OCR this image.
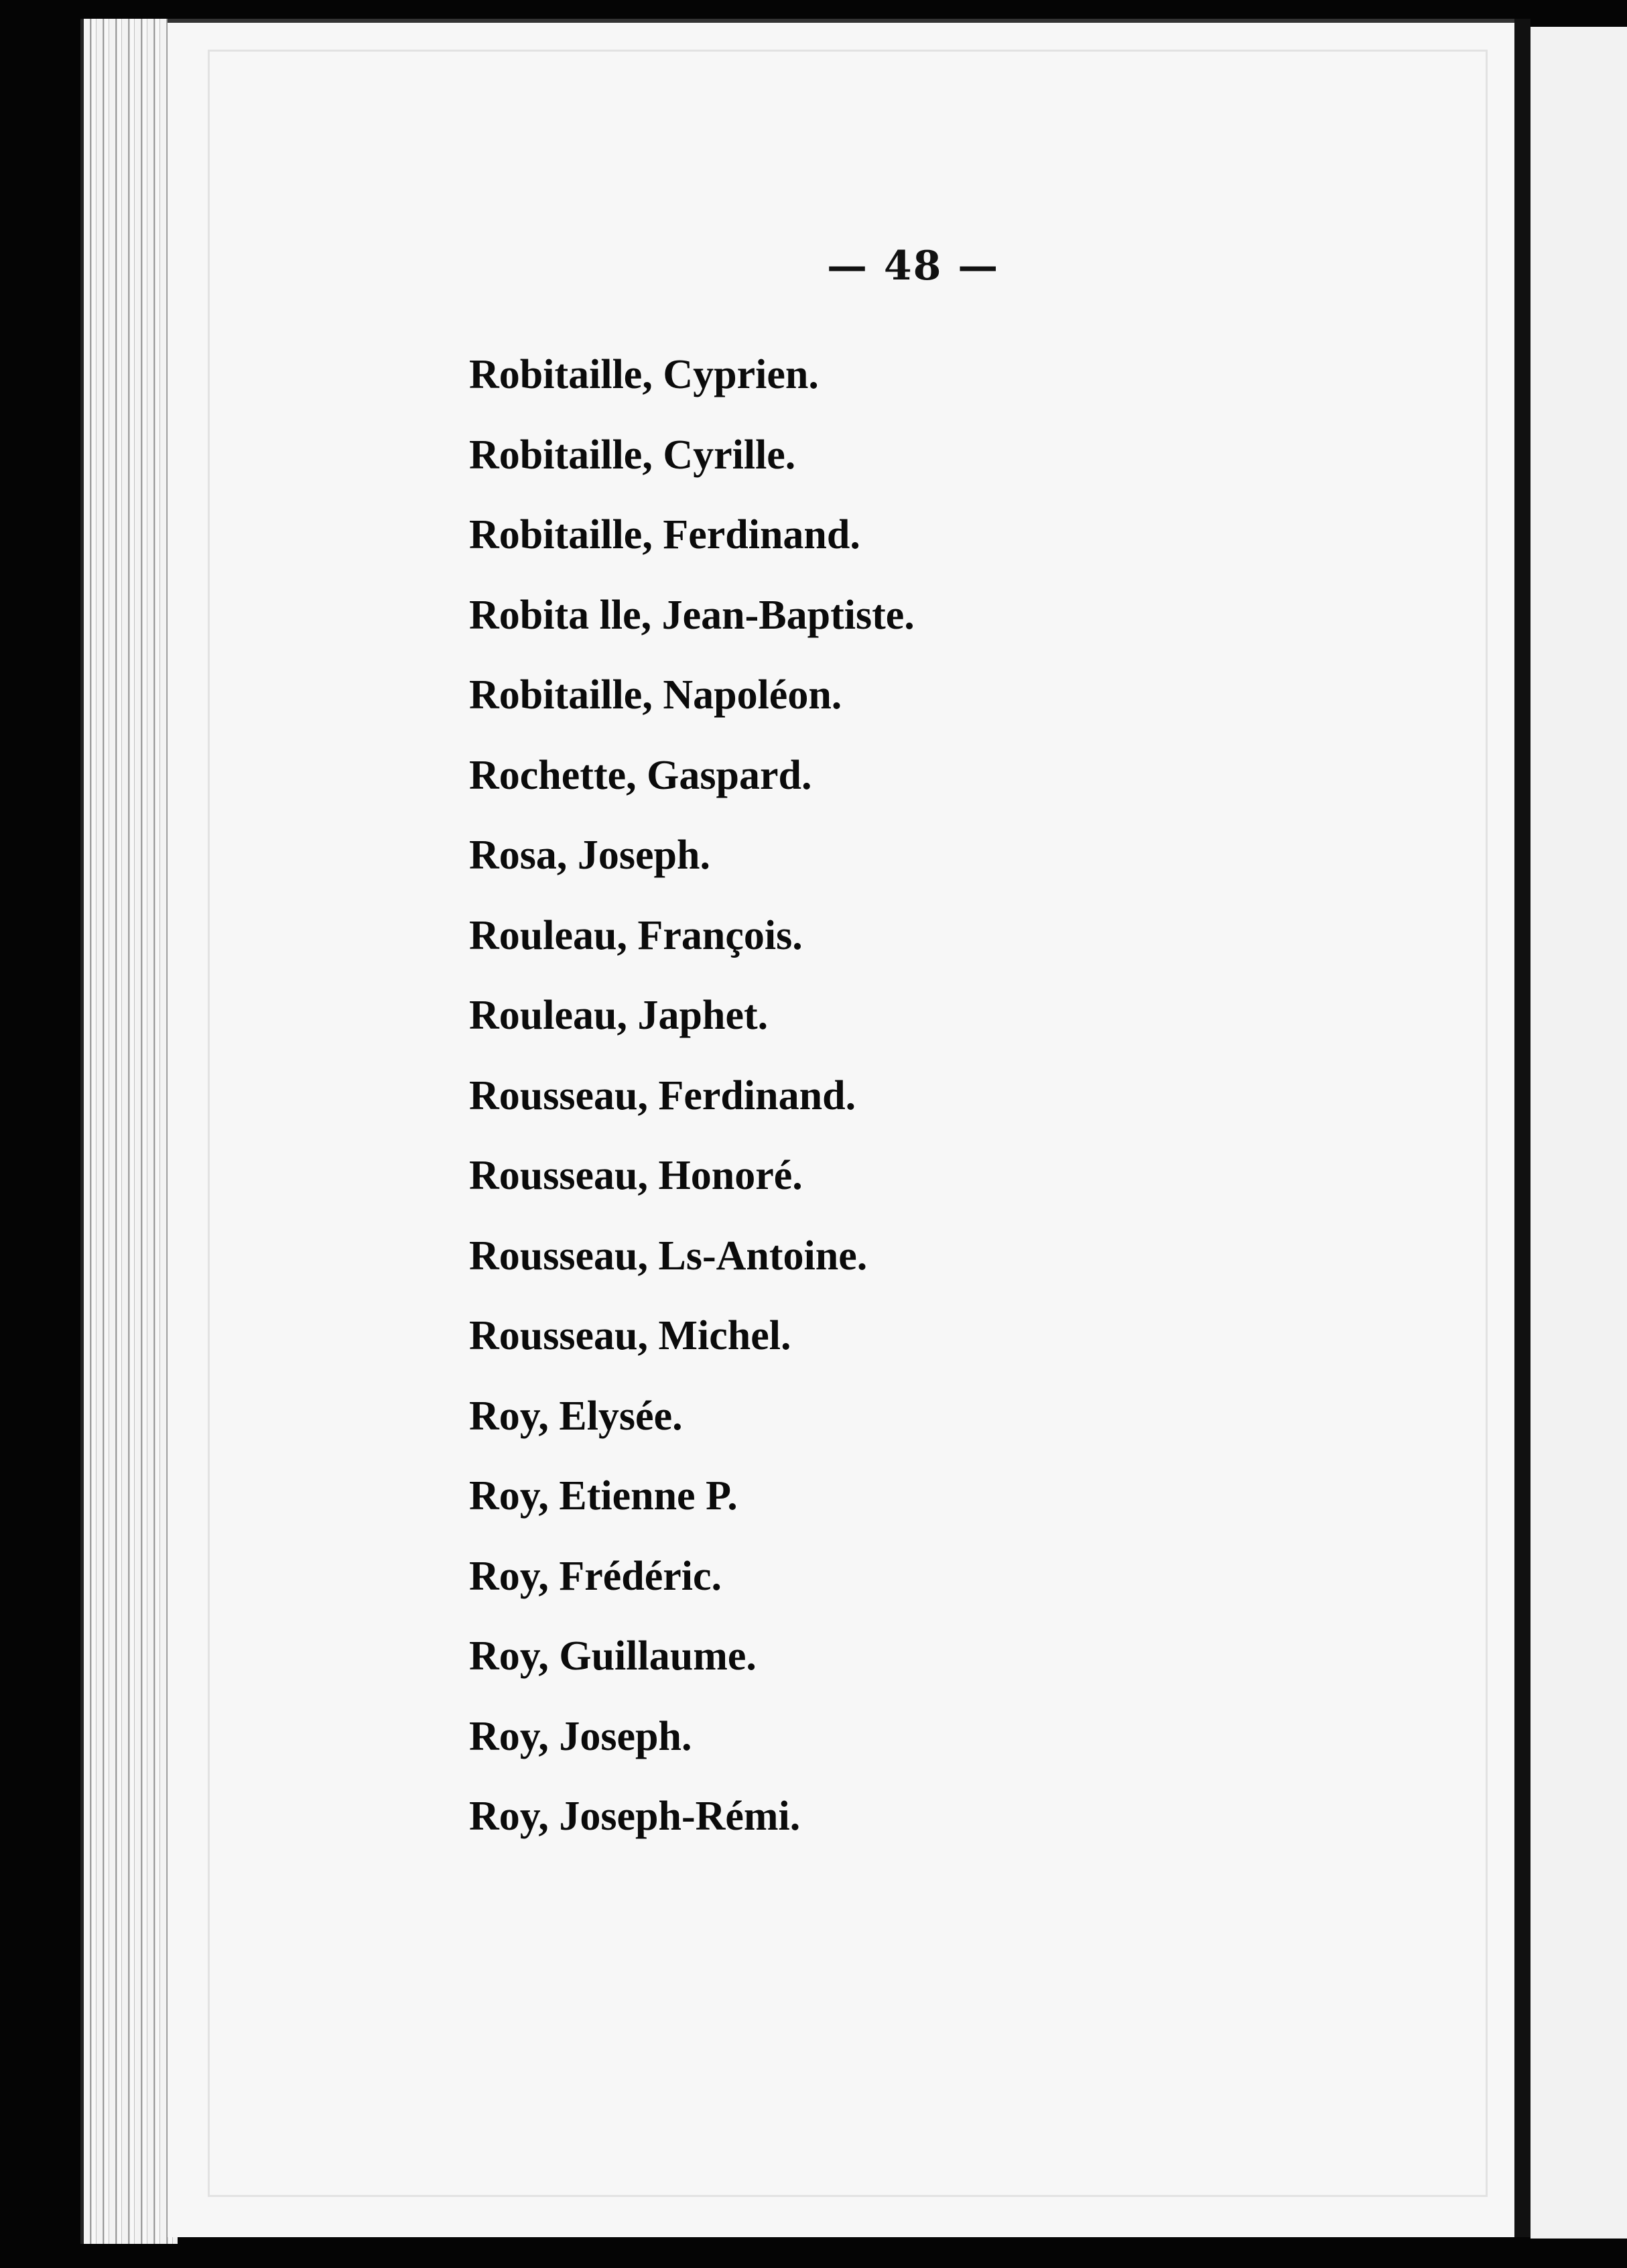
— 48 —
Robitaille, Cyprien.
Robitaille, Cyrille.
Robitaille, Ferdinand.
Robita lle, Jean-Baptiste.
Robitaille, Napoléon.
Rochette, Gaspard.
Rosa, Joseph.
Rouleau, François.
Rouleau, Japhet.
Rousseau, Ferdinand.
Rousseau, Honoré.
Rousseau, Ls-Antoine.
Rousseau, Michel.
Roy, Elysée.
Roy, Etienne P.
Roy, Frédéric.
Roy, Guillaume.
Roy, Joseph.
Roy, Joseph-Rémi.
